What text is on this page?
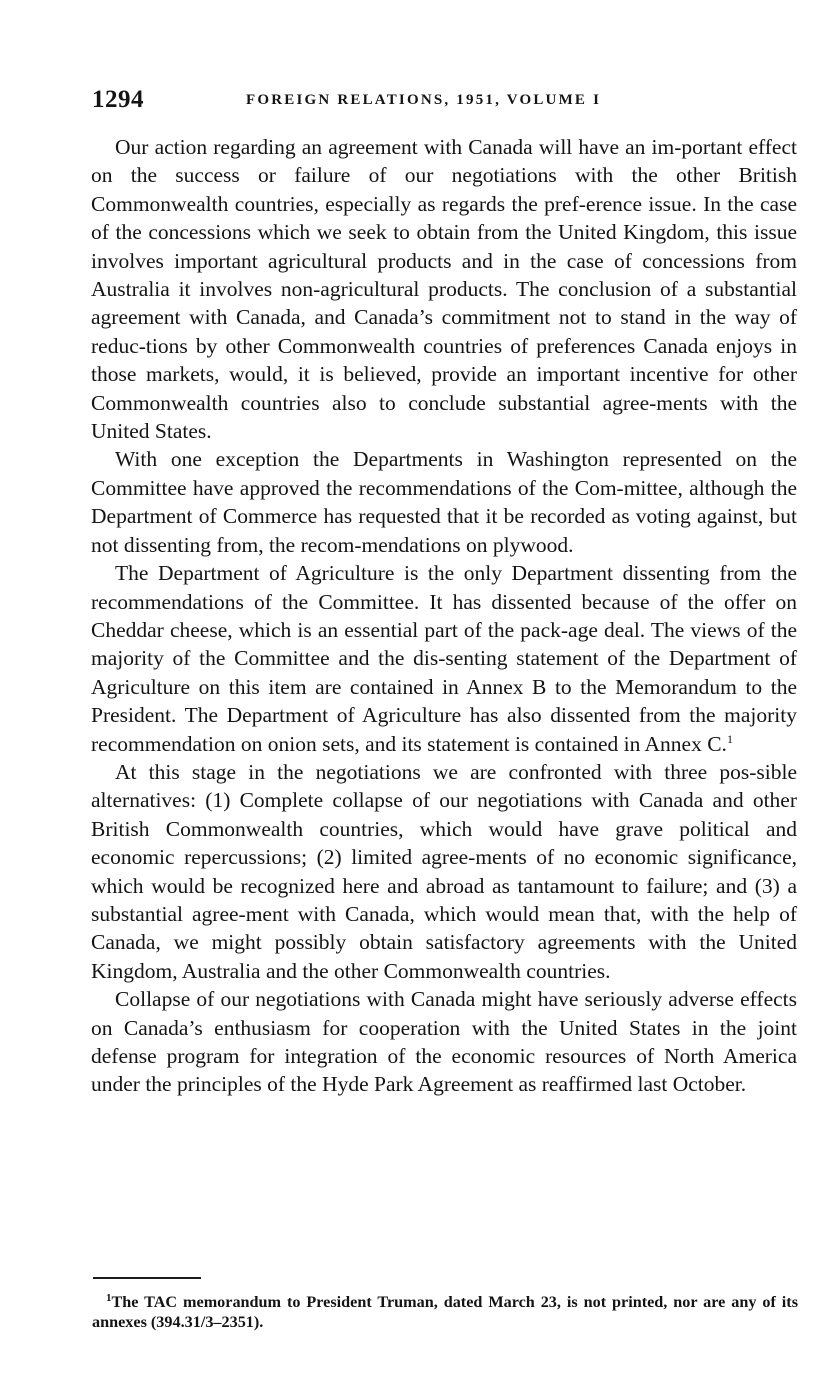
1294	FOREIGN RELATIONS, 1951, VOLUME I

Our action regarding an agreement with Canada will have an im-portant effect on the success or failure of our negotiations with the other British Commonwealth countries, especially as regards the pref-erence issue. In the case of the concessions which we seek to obtain from the United Kingdom, this issue involves important agricultural products and in the case of concessions from Australia it involves non-agricultural products. The conclusion of a substantial agreement with Canada, and Canada’s commitment not to stand in the way of reduc-tions by other Commonwealth countries of preferences Canada enjoys in those markets, would, it is believed, provide an important incentive for other Commonwealth countries also to conclude substantial agree-ments with the United States.

With one exception the Departments in Washington represented on the Committee have approved the recommendations of the Com-mittee, although the Department of Commerce has requested that it be recorded as voting against, but not dissenting from, the recom-mendations on plywood.

The Department of Agriculture is the only Department dissenting from the recommendations of the Committee. It has dissented because of the offer on Cheddar cheese, which is an essential part of the pack-age deal. The views of the majority of the Committee and the dis-senting statement of the Department of Agriculture on this item are contained in Annex B to the Memorandum to the President. The Department of Agriculture has also dissented from the majority recommendation on onion sets, and its statement is contained in Annex C.$^1$

At this stage in the negotiations we are confronted with three pos-sible alternatives: (1) Complete collapse of our negotiations with Canada and other British Commonwealth countries, which would have grave political and economic repercussions; (2) limited agree-ments of no economic significance, which would be recognized here and abroad as tantamount to failure; and (3) a substantial agree-ment with Canada, which would mean that, with the help of Canada, we might possibly obtain satisfactory agreements with the United Kingdom, Australia and the other Commonwealth countries.

Collapse of our negotiations with Canada might have seriously adverse effects on Canada’s enthusiasm for cooperation with the United States in the joint defense program for integration of the economic resources of North America under the principles of the Hyde Park Agreement as reaffirmed last October.

$^1$The TAC memorandum to President Truman, dated March 23, is not printed, nor are any of its annexes (394.31/3–2351).
